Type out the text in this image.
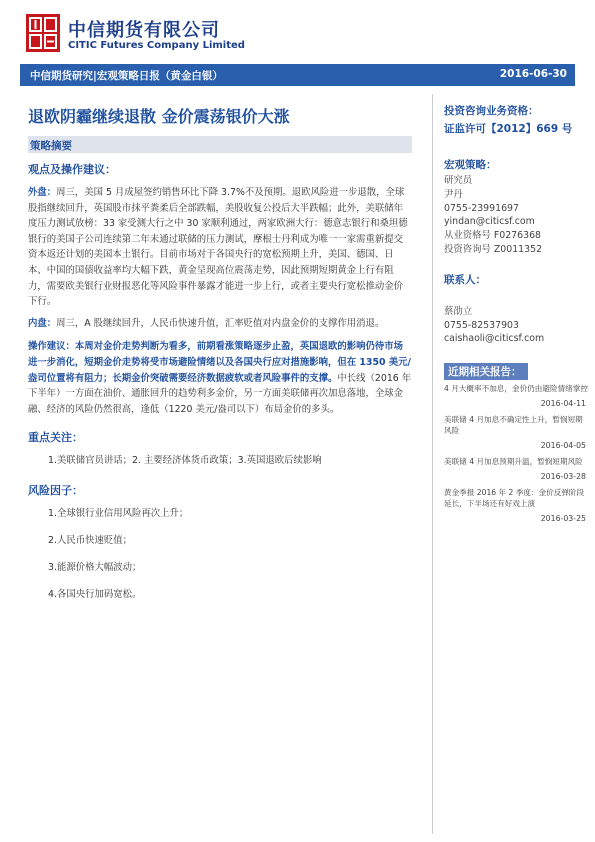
中信期货有限公司
CITIC Futures Company Limited
中信期货研究|宏观策略日报（黄金白银）	2016-06-30
退欧阴霾继续退散 金价震荡银价大涨
策略摘要
观点及操作建议：

外盘：周三，美国 5 月成屋签约销售环比下降 3.7%不及预期。退欧风险进一步退散，全球股指继续回升，英国股市抹平粪柔后全部跌幅，美股收复公投后大半跌幅；此外，美联储年度压力测试放榜：33 家受测大行之中 30 家顺利通过，两家欧洲大行：德意志银行和桑坦德银行的美国子公司连续第二年未通过联储的压力测试，摩根士丹利成为唯一一家需重新提交资本返还计划的美国本土银行。目前市场对于各国央行的宽松预期上升，美国、德国、日本、中国的国债收益率均大幅下跌，黄金呈现高位震荡走势，因此预期短期黄金上行有阻力，需要欧美银行业财报恶化等风险事件暴露才能进一步上行，或者主要央行宽松推动金价下行。

内盘：周三，A 股继续回升，人民币快速升值，汇率贬值对内盘金价的支撑作用消退。

操作建议：本周对金价走势判断为看多，前期看涨策略逐步止盈，英国退欧的影响仍待市场进一步消化，短期金价走势将受市场避险情绪以及各国央行应对措施影响，但在 1350 美元/盎司位置将有阻力；长期金价突破需要经济数据疲软或者风险事件的支撑。中长线（2016 年下半年）一方面在油价、通胀回升的趋势利多金价，另一方面美联储再次加息落地，全球金融、经济的风险仍然很高，逢低（1220 美元/盎司以下）布局金价的多头。

重点关注：
1.美联储官员讲话；2. 主要经济体货币政策；3.英国退欧后续影响
风险因子：
1.全球银行业信用风险再次上升；
2.人民币快速贬值；
3.能源价格大幅波动；
4.各国央行加码宽松。
投资咨询业务资格：
证监许可【2012】669 号
宏观策略：
研究员
尹丹
0755-23991697
yindan@citicsf.com
从业资格号 F0276368
投资咨询号 Z0011352
联系人：
蔡劭立
0755-82537903
caishaoli@citicsf.com
近期相关报告：
4 月大概率不加息，金价仍由避险情绪掌控
2016-04-11
美联储 4 月加息不确定性上升，暂悯短期风险
2016-04-05
美联储 4 月加息预期升温，暂悯短期风险
2016-03-28
黄金季报 2016 年 2 季度：金价反弹阶段延长，下半场还有好戏上演
2016-03-25
